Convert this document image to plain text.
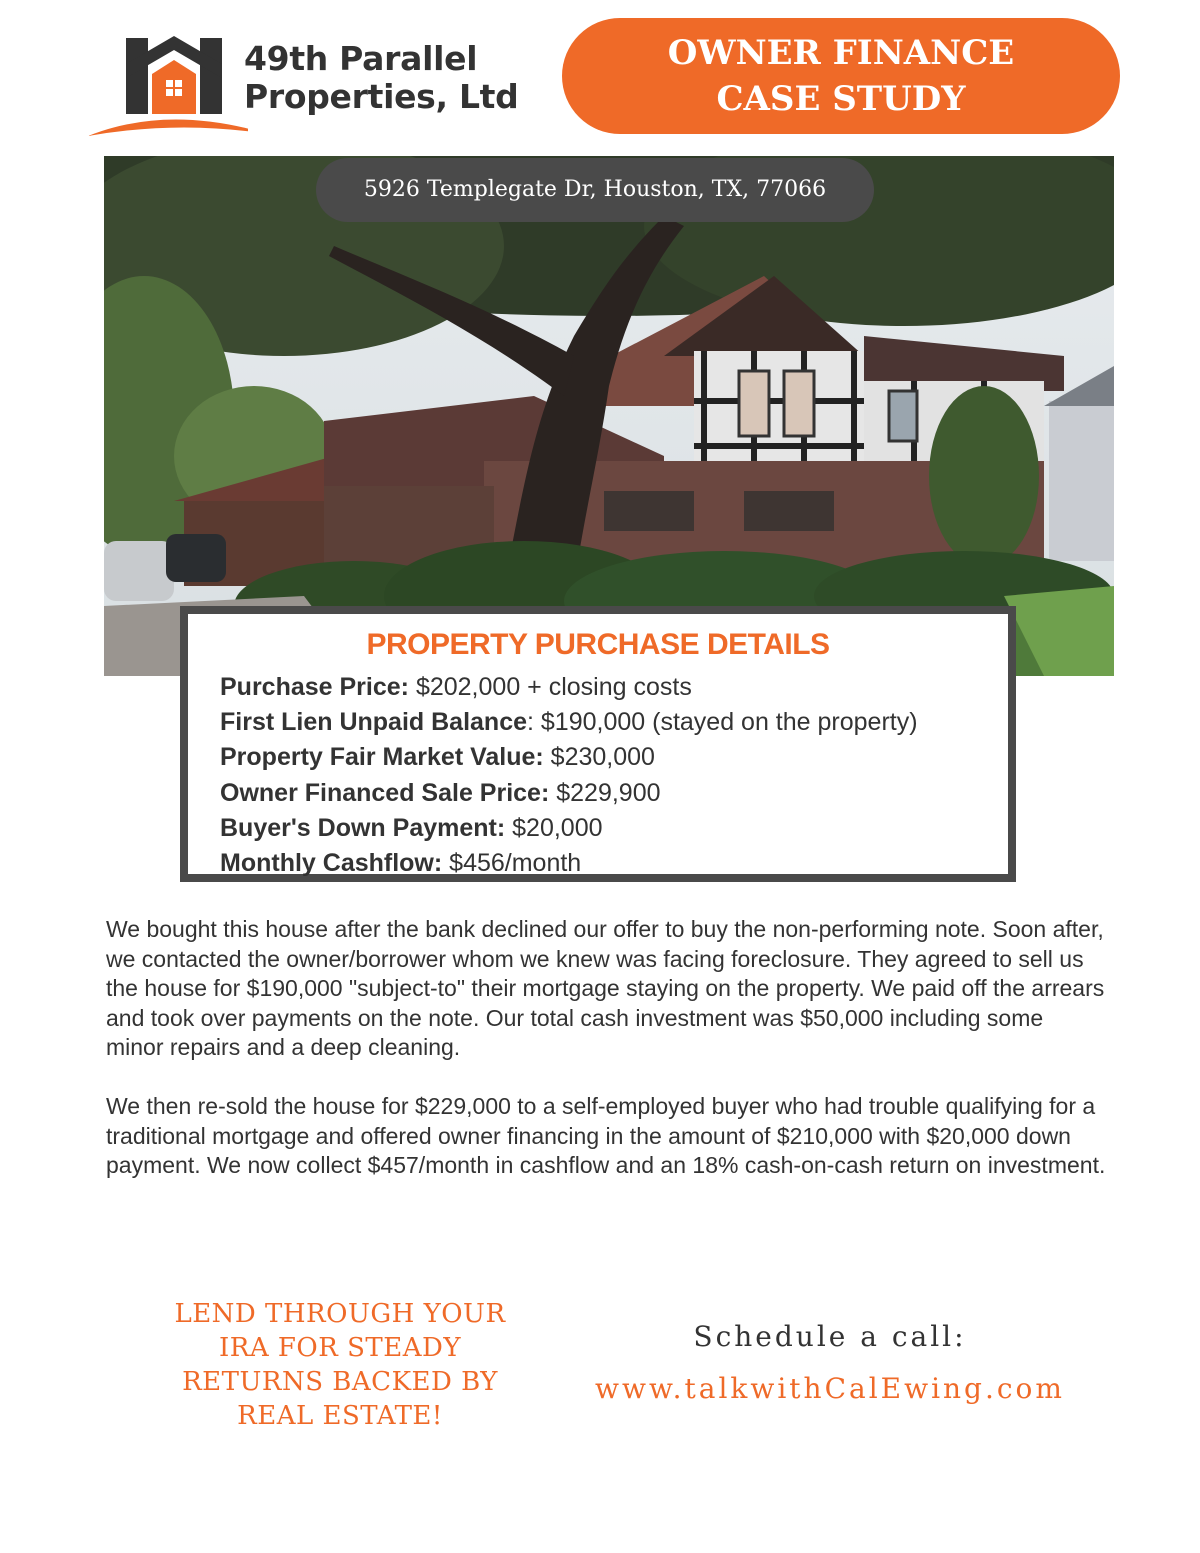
49th Parallel
Properties, Ltd
OWNER FINANCE
CASE STUDY
5926 Templegate Dr, Houston, TX, 77066
PROPERTY PURCHASE DETAILS
Purchase Price: $202,000 + closing costs
First Lien Unpaid Balance: $190,000 (stayed on the property)
Property Fair Market Value: $230,000
Owner Financed Sale Price: $229,900
Buyer's Down Payment: $20,000
Monthly Cashflow: $456/month

We bought this house after the bank declined our offer to buy the non-performing note. Soon after, we contacted the owner/borrower whom we knew was facing foreclosure. They agreed to sell us the house for $190,000 "subject-to" their mortgage staying on the property. We paid off the arrears and took over payments on the note. Our total cash investment was $50,000 including some minor repairs and a deep cleaning.

We then re-sold the house for $229,000 to a self-employed buyer who had trouble qualifying for a traditional mortgage and offered owner financing in the amount of $210,000 with $20,000 down payment. We now collect $457/month in cashflow and an 18% cash-on-cash return on investment.

LEND THROUGH YOUR IRA FOR STEADY RETURNS BACKED BY REAL ESTATE!
Schedule a call:
www.talkwithCalEwing.com
